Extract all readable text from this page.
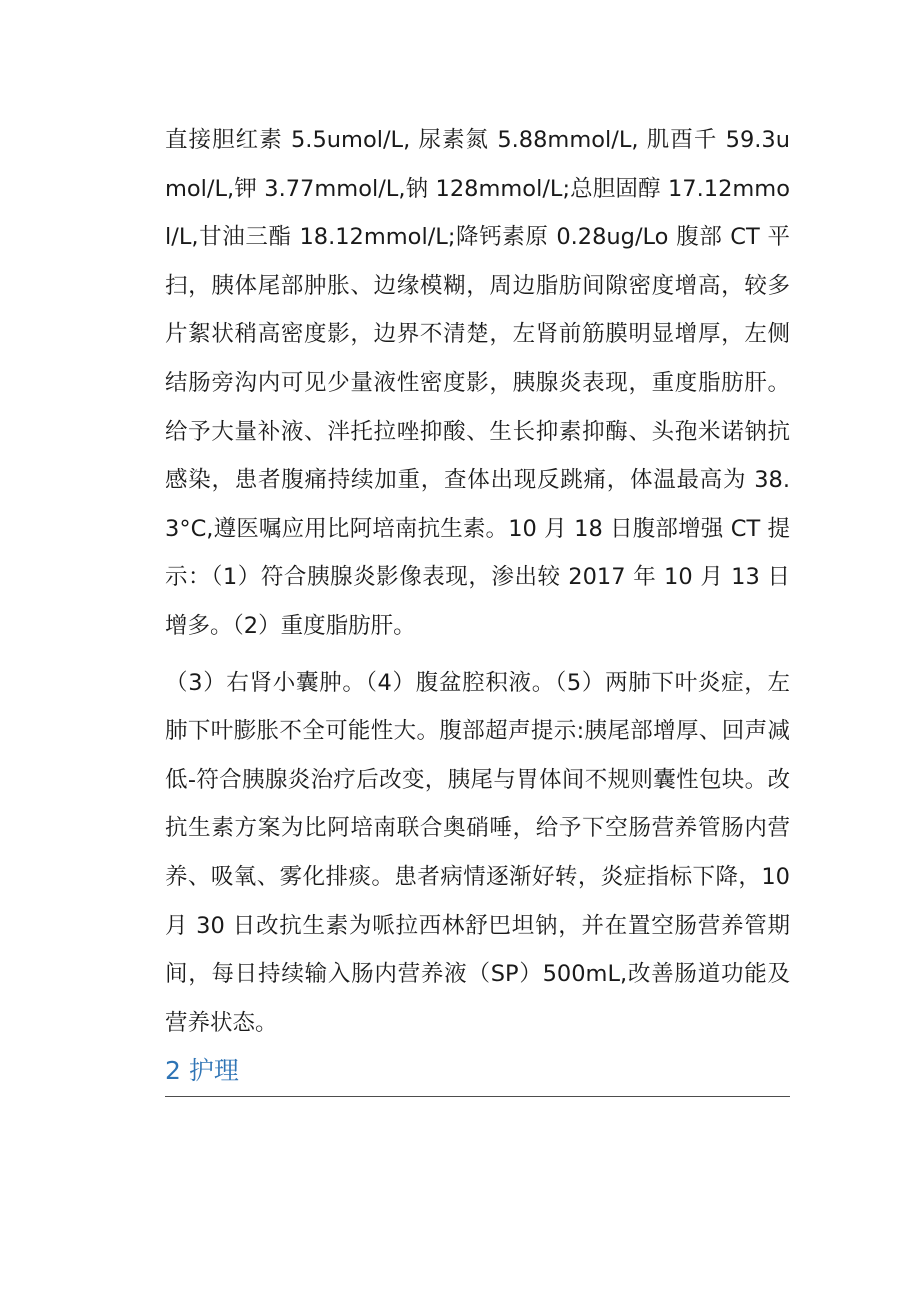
直接胆红素 5.5umol/L, 尿素氮 5.88mmol/L, 肌酉千 59.3umol/L,钾 3.77mmol/L,钠 128mmol/L;总胆固醇 17.12mmol/L,甘油三酯 18.12mmol/L;降钙素原 0.28ug/Lo 腹部 CT 平扫，胰体尾部肿胀、边缘模糊，周边脂肪间隙密度增高，较多片絮状稍高密度影，边界不清楚，左肾前筋膜明显增厚，左侧结肠旁沟内可见少量液性密度影，胰腺炎表现，重度脂肪肝。给予大量补液、泮托拉唑抑酸、生长抑素抑酶、头孢米诺钠抗感染，患者腹痛持续加重，查体出现反跳痛，体温最高为 38.3°C,遵医嘱应用比阿培南抗生素。10 月 18 日腹部增强 CT 提示：（1）符合胰腺炎影像表现，渗出较 2017 年 10 月 13 日增多。（2）重度脂肪肝。

（3）右肾小囊肿。（4）腹盆腔积液。（5）两肺下叶炎症，左肺下叶膨胀不全可能性大。腹部超声提示:胰尾部增厚、回声减低-符合胰腺炎治疗后改变，胰尾与胃体间不规则囊性包块。改抗生素方案为比阿培南联合奥硝唾，给予下空肠营养管肠内营养、吸氧、雾化排痰。患者病情逐渐好转，炎症指标下降，10 月 30 日改抗生素为哌拉西林舒巴坦钠，并在置空肠营养管期间，每日持续输入肠内营养液（SP）500mL,改善肠道功能及营养状态。

2 护理
